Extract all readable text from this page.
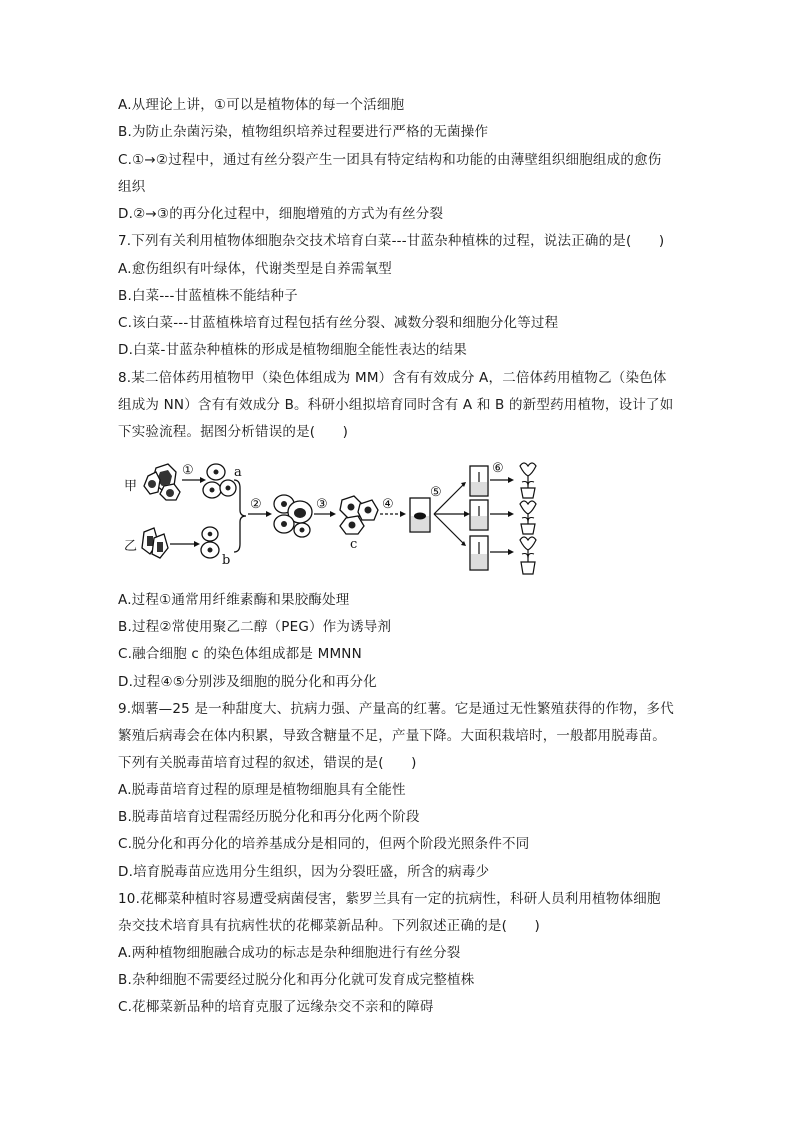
A.从理论上讲，①可以是植物体的每一个活细胞
B.为防止杂菌污染，植物组织培养过程要进行严格的无菌操作
C.①→②过程中，通过有丝分裂产生一团具有特定结构和功能的由薄壁组织细胞组成的愈伤
组织
D.②→③的再分化过程中，细胞增殖的方式为有丝分裂
7.下列有关利用植物体细胞杂交技术培育白菜---甘蓝杂种植株的过程，说法正确的是(　　)
A.愈伤组织有叶绿体，代谢类型是自养需氧型
B.白菜---甘蓝植株不能结种子
C.该白菜---甘蓝植株培育过程包括有丝分裂、减数分裂和细胞分化等过程
D.白菜-甘蓝杂种植株的形成是植物细胞全能性表达的结果
8.某二倍体药用植物甲（染色体组成为 MM）含有有效成分 A，二倍体药用植物乙（染色体
组成为 NN）含有有效成分 B。科研小组拟培育同时含有 A 和 B 的新型药用植物，设计了如
下实验流程。据图分析错误的是(　　)
甲
①	a
乙
b
②	③
c
④
⑤
⑥
A.过程①通常用纤维素酶和果胶酶处理
B.过程②常使用聚乙二醇（PEG）作为诱导剂
C.融合细胞 c 的染色体组成都是 MMNN
D.过程④⑤分别涉及细胞的脱分化和再分化
9.烟薯—25 是一种甜度大、抗病力强、产量高的红薯。它是通过无性繁殖获得的作物，多代
繁殖后病毒会在体内积累，导致含糖量不足，产量下降。大面积栽培时，一般都用脱毒苗。
下列有关脱毒苗培育过程的叙述，错误的是(　　)
A.脱毒苗培育过程的原理是植物细胞具有全能性
B.脱毒苗培育过程需经历脱分化和再分化两个阶段
C.脱分化和再分化的培养基成分是相同的，但两个阶段光照条件不同
D.培育脱毒苗应选用分生组织，因为分裂旺盛，所含的病毒少
10.花椰菜种植时容易遭受病菌侵害，紫罗兰具有一定的抗病性，科研人员利用植物体细胞
杂交技术培育具有抗病性状的花椰菜新品种。下列叙述正确的是(　　)
A.两种植物细胞融合成功的标志是杂种细胞进行有丝分裂
B.杂种细胞不需要经过脱分化和再分化就可发育成完整植株
C.花椰菜新品种的培育克服了远缘杂交不亲和的障碍
